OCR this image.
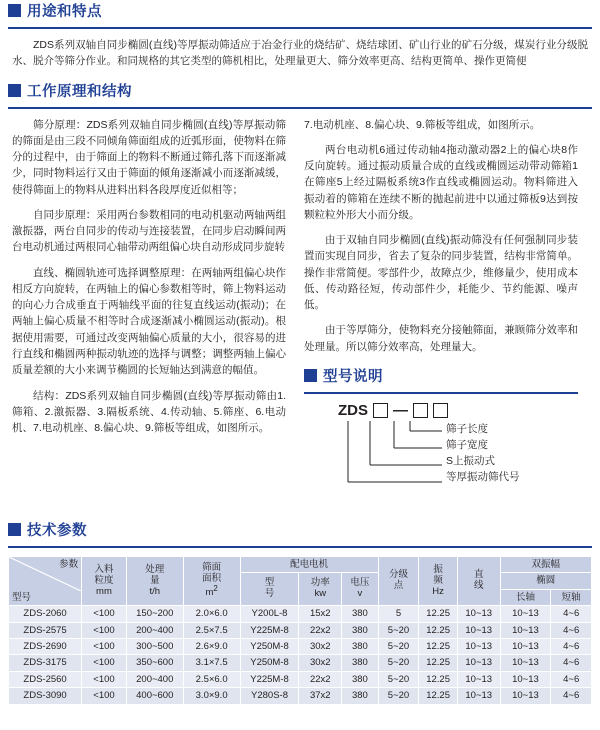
用途和特点

ZDS系列双轴自同步椭圆(直线)等厚振动筛适应于冶金行业的烧结矿、烧结球团、矿山行业的矿石分级，煤炭行业分级脱水、脱介等筛分作业。和同规格的其它类型的筛机相比，处理量更大、筛分效率更高、结构更简单、操作更简便

工作原理和结构

筛分原理：ZDS系列双轴自同步椭圆(直线)等厚振动筛的筛面是由三段不同倾角筛面组成的近弧形面，使物料在筛分的过程中，由于筛面上的物料不断通过筛孔落下而逐渐减少，同时物料运行又由于筛面的倾角逐渐减小而逐渐减缓，使得筛面上的物料从进料出料各段厚度近似相等；

自同步原理：采用两台参数相同的电动机驱动两轴两组激振器，两台自同步的传动与连接装置，在同步启动瞬间两台电动机通过两根同心轴带动两组偏心块自动形成同步旋转

直线、椭圆轨迹可选择调整原理：在两轴两组偏心块作相反方向旋转，在两轴上的偏心参数相等时，筛上物料运动的向心力合成垂直于两轴线平面的往复直线运动(振动)；在两轴上偏心质量不相等时合成逐渐减小椭圆运动(振动)。根据使用需要，可通过改变两轴偏心质量的大小，很容易的进行直线和椭圆两种振动轨迹的选择与调整；调整两轴上偏心质量差额的大小来调节椭圆的长短轴达到满意的幅值。

结构：ZDS系列双轴自同步椭圆(直线)等厚振动筛由1.筛箱、2.激振器、3.隔板系统、4.传动轴、5.筛座、6.电动机、7.电动机座、8.偏心块、9.筛板等组成，如图所示。

7.电动机座、8.偏心块、9.筛板等组成，如图所示。

两台电动机6通过传动轴4拖动激动器2上的偏心块8作反向旋转。通过振动质量合成的直线或椭圆运动带动筛箱1在筛座5上经过隔板系统3作直线或椭圆运动。物料筛进入振动着的筛箱在连续不断的抛起前进中以通过筛板9达到按颗粒粒外形大小而分级。

由于双轴自同步椭圆(直线)振动筛没有任何强制同步装置而实现自同步，省去了复杂的同步装置，结构非常简单。操作非常简便。零部件少，故障点少，维修量少，使用成本低、传动路径短，传动部件少，耗能少、节约能源、噪声低。

由于等厚筛分，使物料充分接触筛面，兼顾筛分效率和处理量。所以筛分效率高，处理量大。

型号说明
ZDS —
筛子长度
筛子宽度
S上振动式
等厚振动筛代号
技术参数
参数
型号	入料
粒度
mm	处理
量
t/h	筛面
面积
$m^2$	配电电机			分级
点	振
频
Hz	直
线	双振幅	

				型
号	功率
kw	电压
v				椭圆	
										长轴	短轴
ZDS-2060	<100	150~200	2.0×6.0	Y200L-8	15x2	380	5	12.25	10~13	10~13	4~6
ZDS-2575	<100	200~400	2.5×7.5	Y225M-8	22x2	380	5~20	12.25	10~13	10~13	4~6
ZDS-2690	<100	300~500	2.6×9.0	Y250M-8	30x2	380	5~20	12.25	10~13	10~13	4~6
ZDS-3175	<100	350~600	3.1×7.5	Y250M-8	30x2	380	5~20	12.25	10~13	10~13	4~6
ZDS-2560	<100	200~400	2.5×6.0	Y225M-8	22x2	380	5~20	12.25	10~13	10~13	4~6
ZDS-3090	<100	400~600	3.0×9.0	Y280S-8	37x2	380	5~20	12.25	10~13	10~13	4~6
